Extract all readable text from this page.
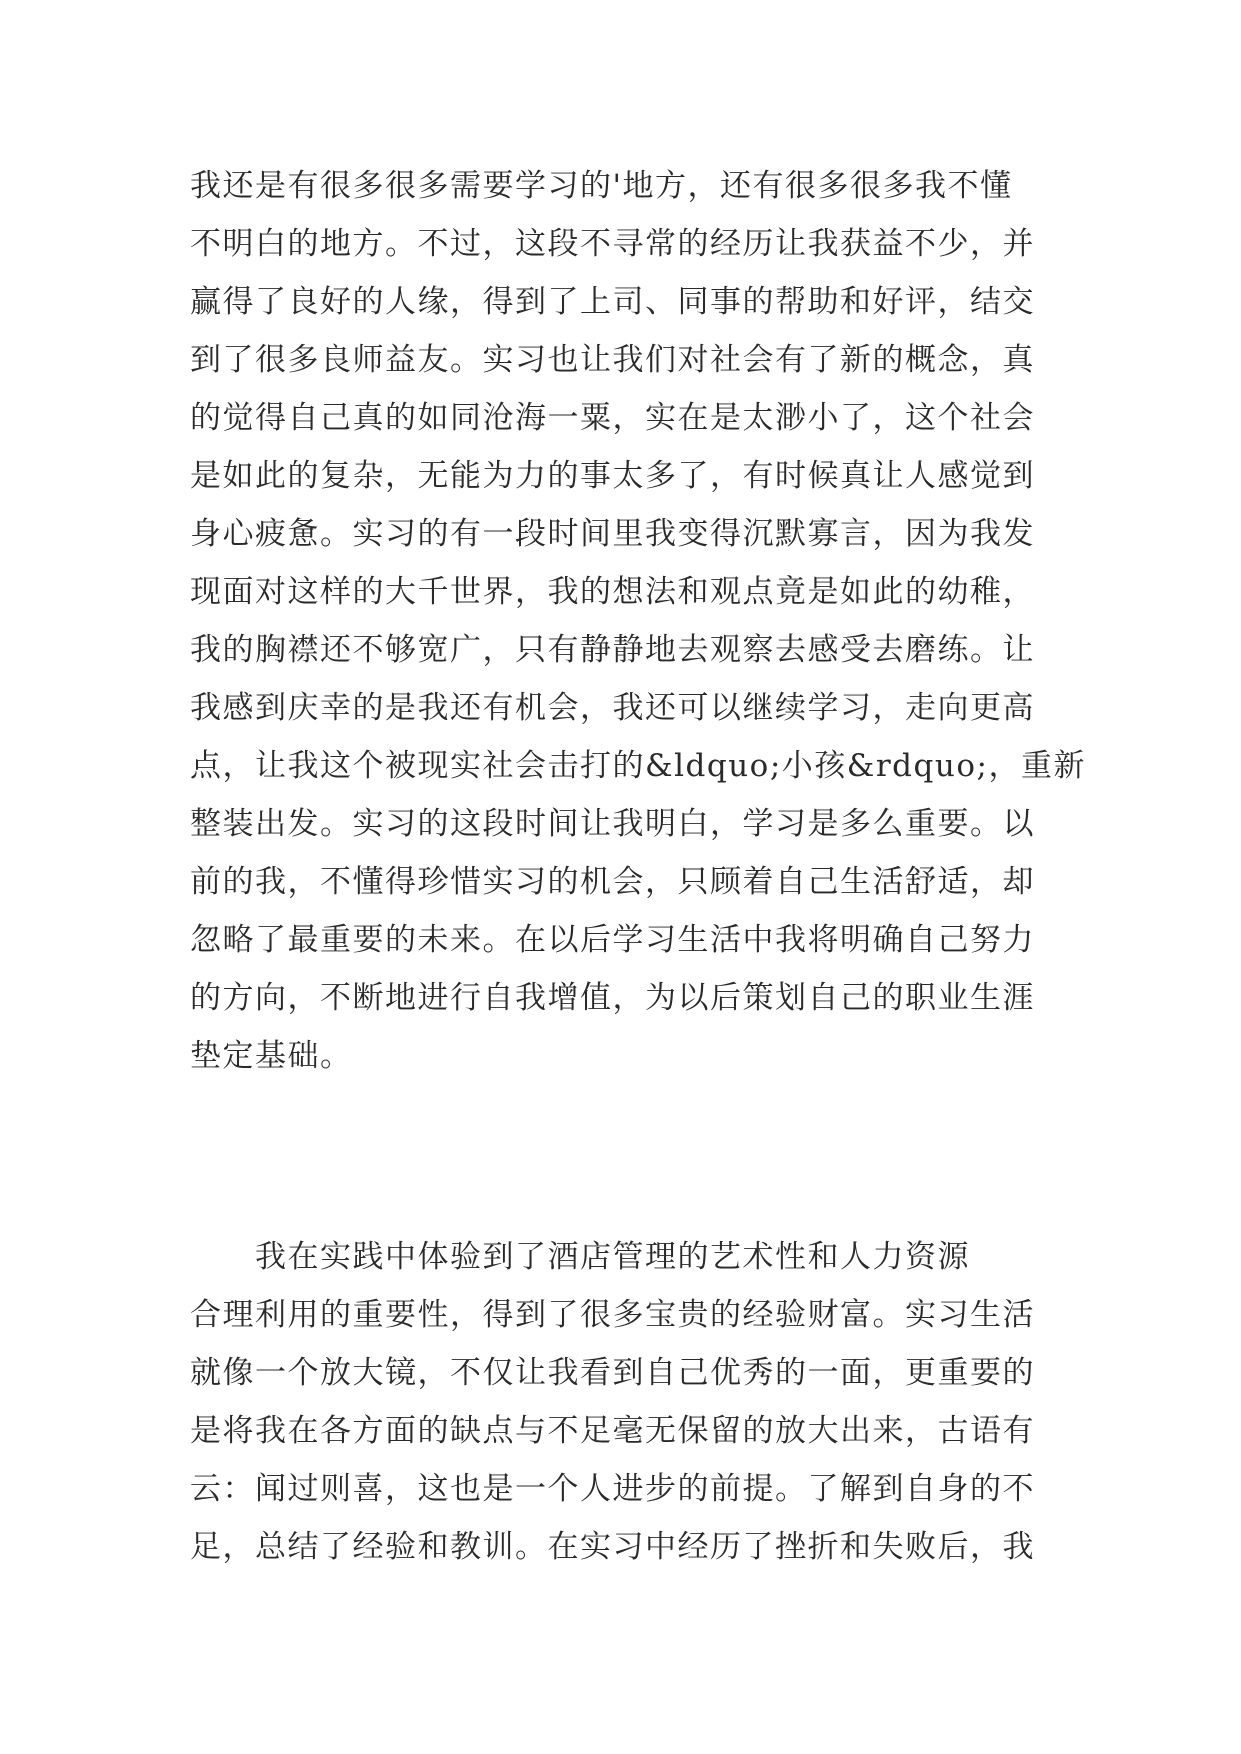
我还是有很多很多需要学习的'地方，还有很多很多我不懂
不明白的地方。不过，这段不寻常的经历让我获益不少，并
赢得了良好的人缘，得到了上司、同事的帮助和好评，结交
到了很多良师益友。实习也让我们对社会有了新的概念，真
的觉得自己真的如同沧海一粟，实在是太渺小了，这个社会
是如此的复杂，无能为力的事太多了，有时候真让人感觉到
身心疲惫。实习的有一段时间里我变得沉默寡言，因为我发
现面对这样的大千世界，我的想法和观点竟是如此的幼稚，
我的胸襟还不够宽广，只有静静地去观察去感受去磨练。让
我感到庆幸的是我还有机会，我还可以继续学习，走向更高
点，让我这个被现实社会击打的&ldquo;小孩&rdquo;，重新
整装出发。实习的这段时间让我明白，学习是多么重要。以
前的我，不懂得珍惜实习的机会，只顾着自己生活舒适，却
忽略了最重要的未来。在以后学习生活中我将明确自己努力
的方向，不断地进行自我增值，为以后策划自己的职业生涯
垫定基础。
　　我在实践中体验到了酒店管理的艺术性和人力资源
合理利用的重要性，得到了很多宝贵的经验财富。实习生活
就像一个放大镜，不仅让我看到自己优秀的一面，更重要的
是将我在各方面的缺点与不足毫无保留的放大出来，古语有
云：闻过则喜，这也是一个人进步的前提。了解到自身的不
足，总结了经验和教训。在实习中经历了挫折和失败后，我
